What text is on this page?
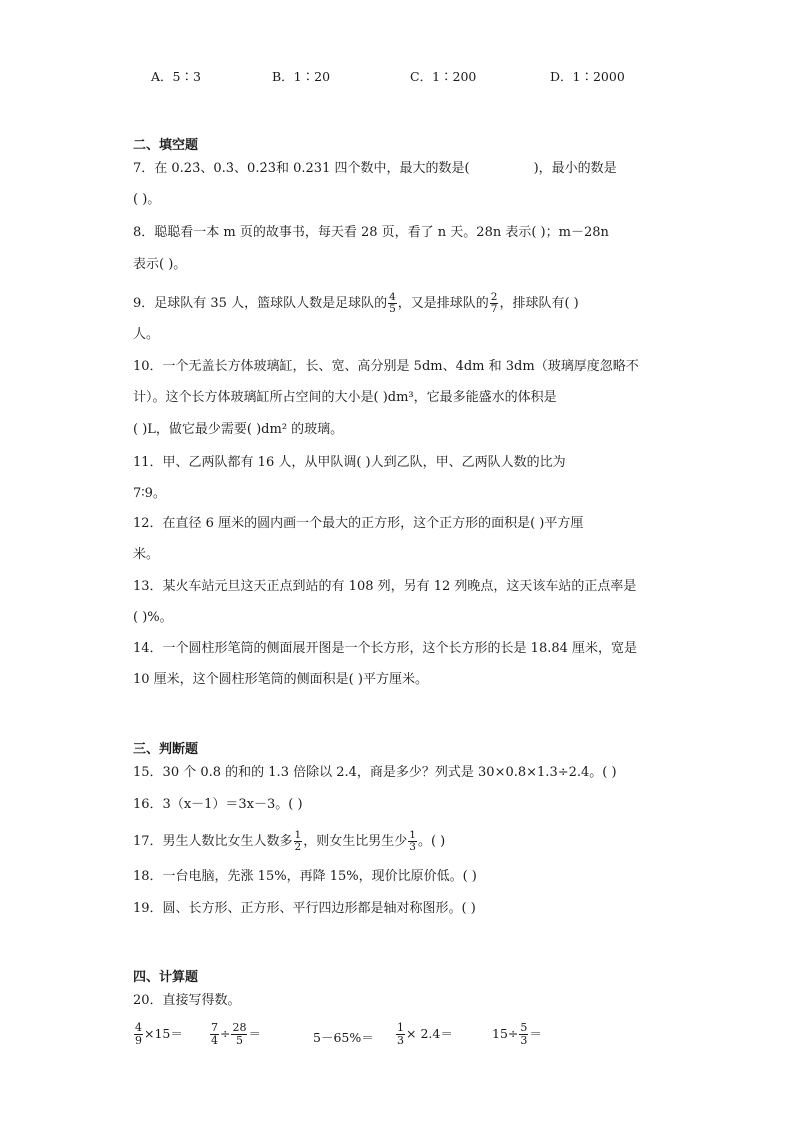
A．5∶3	B．1∶20	C．1∶200	D．1∶2000
二、填空题
7．在 0.23̇、0.3̇、0.2̇3̇和 0.231 四个数中，最大的数是(	)，最小的数是
( )。
8．聪聪看一本 m 页的故事书，每天看 28 页，看了 n 天。28n 表示( )；m－28n
表示( )。
9．足球队有 35 人，篮球队人数是足球队的 $\frac{4}{5}$ ，又是排球队的 $\frac{2}{7}$ ，排球队有( )
人。
10．一个无盖长方体玻璃缸，长、宽、高分别是 5dm、4dm 和 3dm（玻璃厚度忽略不
计）。这个长方体玻璃缸所占空间的大小是( )dm³，它最多能盛水的体积是
( )L，做它最少需要( )dm² 的玻璃。
11．甲、乙两队都有 16 人，从甲队调( )人到乙队，甲、乙两队人数的比为
7∶9。
12．在直径 6 厘米的圆内画一个最大的正方形，这个正方形的面积是( )平方厘
米。
13．某火车站元旦这天正点到站的有 108 列，另有 12 列晚点，这天该车站的正点率是
( )%。
14．一个圆柱形笔筒的侧面展开图是一个长方形，这个长方形的长是 18.84 厘米，宽是
10 厘米，这个圆柱形笔筒的侧面积是( )平方厘米。
三、判断题
15．30 个 0.8 的和的 1.3 倍除以 2.4，商是多少？列式是 30×0.8×1.3÷2.4。( )
16．3（x－1）＝3x－3。( )
17．男生人数比女生人数多 $\frac{1}{2}$ ，则女生比男生少 $\frac{1}{3}$ 。( )
18．一台电脑，先涨 15%，再降 15%，现价比原价低。( )
19．圆、长方形、正方形、平行四边形都是轴对称图形。( )
四、计算题
20．直接写得数。
$\frac{4}{9} \times 15= \frac{7}{4} \div \frac{28}{5}$ ＝	$5-65\%= \frac{1}{3} \times 2.4=$	$15\div \frac{5}{3}$ ＝
